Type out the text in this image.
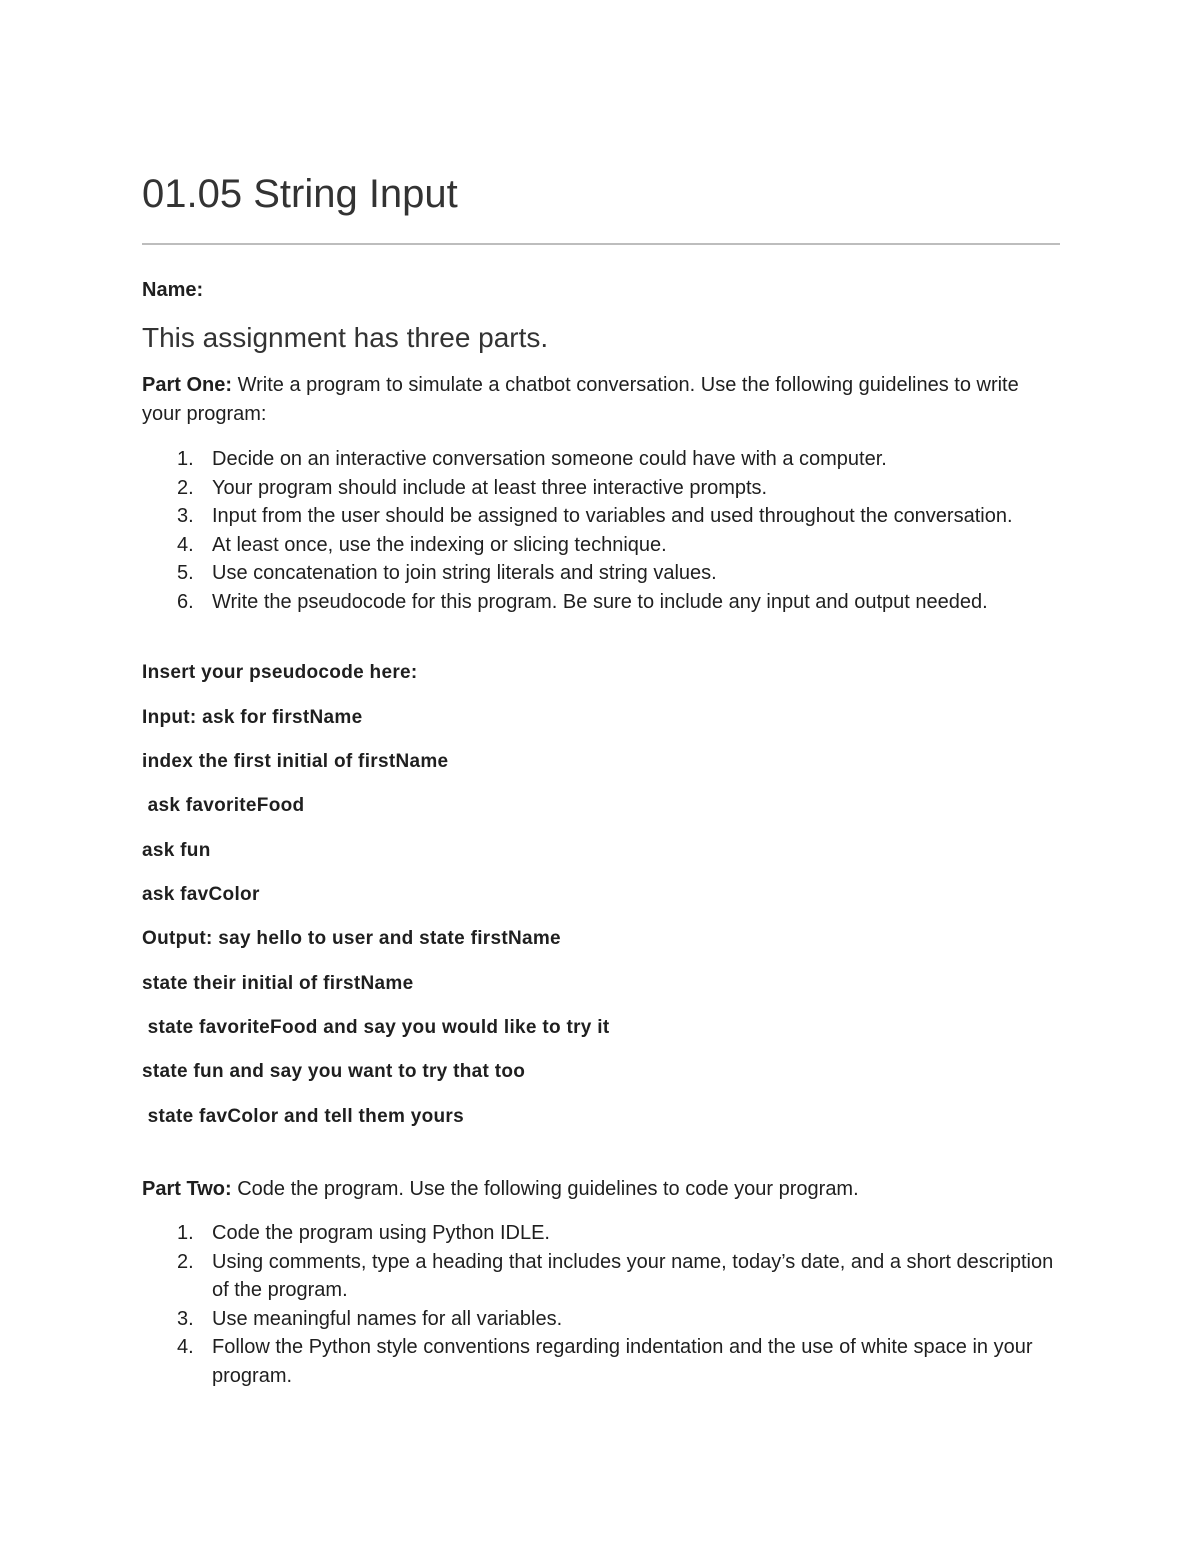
01.05 String Input
Name:
This assignment has three parts.
Part One: Write a program to simulate a chatbot conversation. Use the following guidelines to write your program:
1. Decide on an interactive conversation someone could have with a computer.
2. Your program should include at least three interactive prompts.
3. Input from the user should be assigned to variables and used throughout the conversation.
4. At least once, use the indexing or slicing technique.
5. Use concatenation to join string literals and string values.
6. Write the pseudocode for this program. Be sure to include any input and output needed.
Insert your pseudocode here:
Input: ask for firstName
index the first initial of firstName
ask favoriteFood
ask fun
ask favColor
Output: say hello to user and state firstName
state their initial of firstName
state favoriteFood and say you would like to try it
state fun and say you want to try that too
state favColor and tell them yours
Part Two: Code the program. Use the following guidelines to code your program.
1. Code the program using Python IDLE.
2. Using comments, type a heading that includes your name, today’s date, and a short description of the program.
3. Use meaningful names for all variables.
4. Follow the Python style conventions regarding indentation and the use of white space in your program.
